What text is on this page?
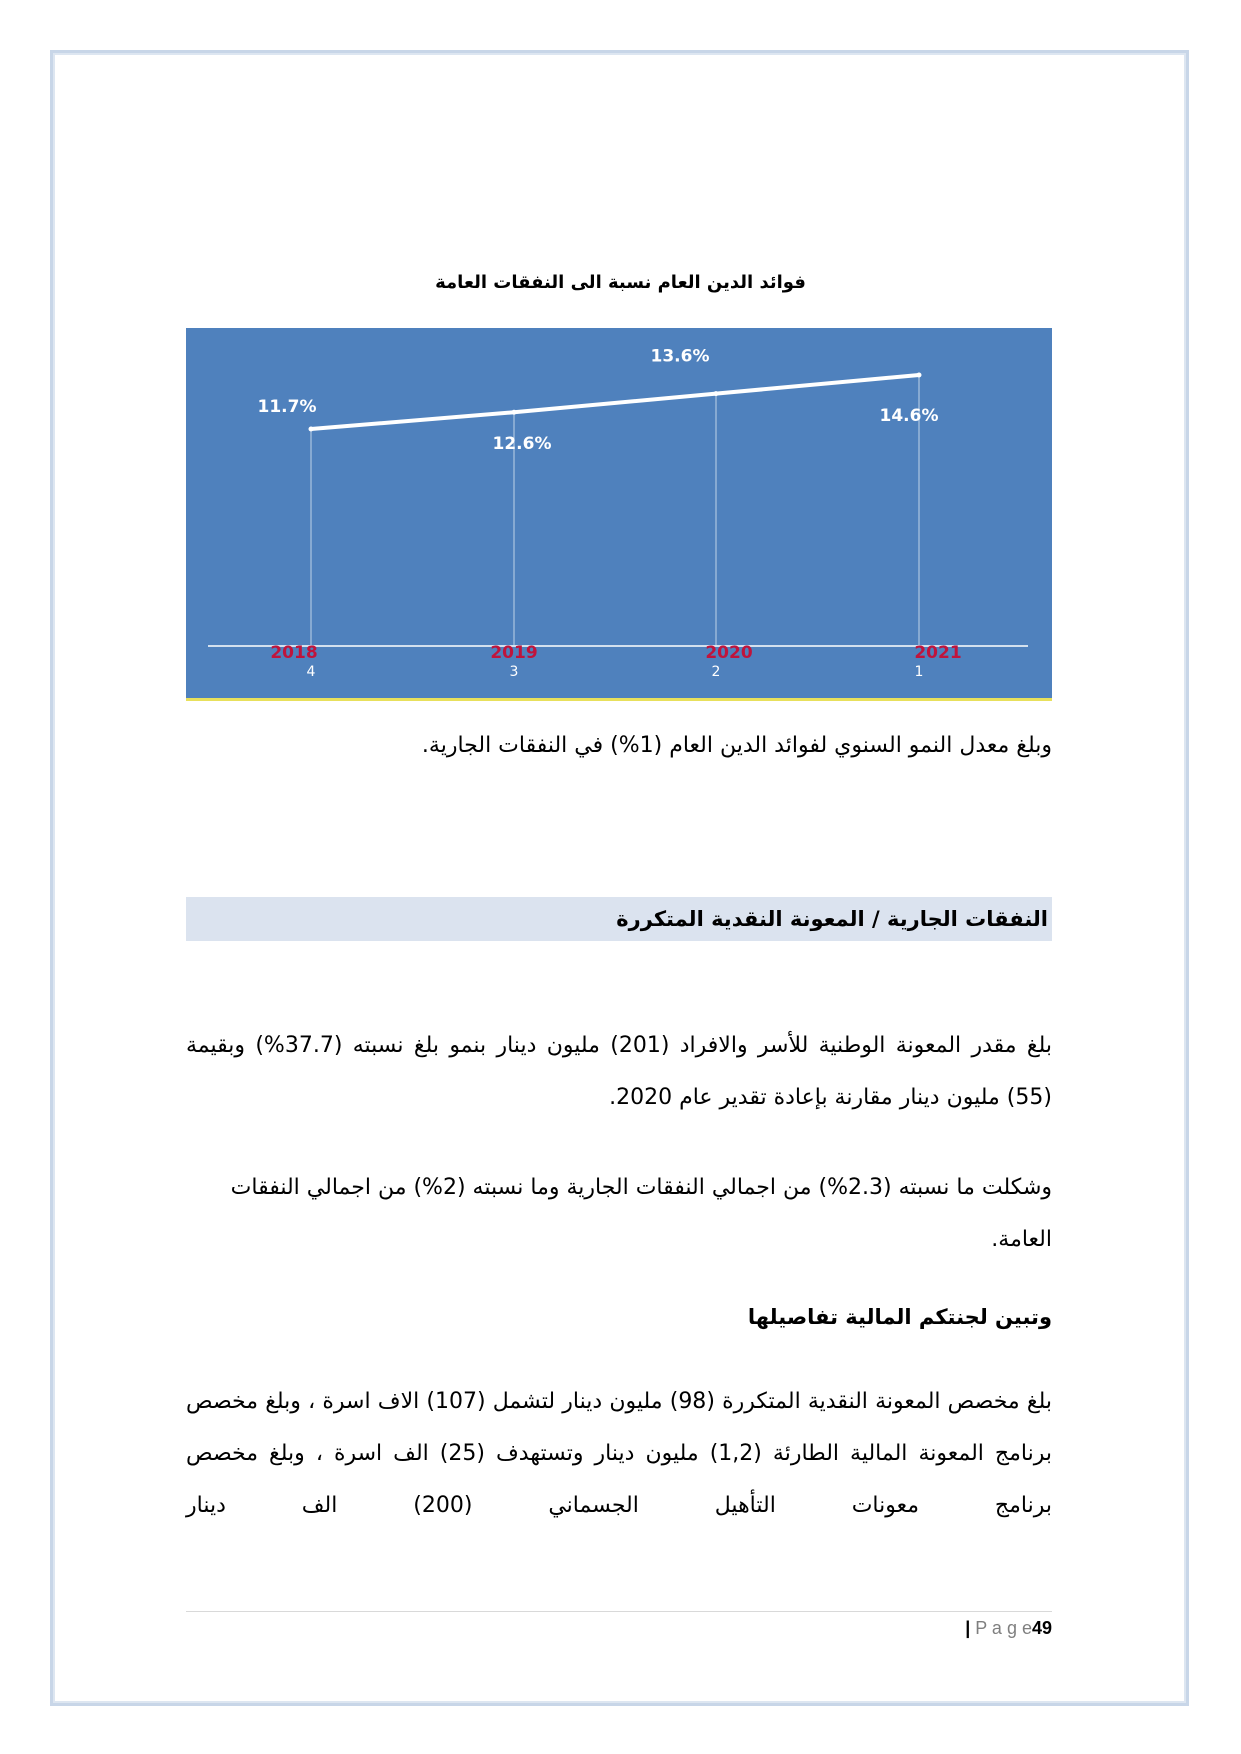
فوائد الدين العام نسبة الى النفقات العامة
11.7%
12.6%
13.6%
14.6%
2018	2019	2020	2021
4	3	2	1
وبلغ معدل النمو السنوي لفوائد الدين العام (1%) في النفقات الجارية.
النفقات الجارية / المعونة النقدية المتكررة
بلغ مقدر المعونة الوطنية للأسر والافراد (201) مليون دينار بنمو بلغ نسبته (37.7%) وبقيمة (55) مليون دينار مقارنة بإعادة تقدير عام 2020.
وشكلت ما نسبته (2.3%) من اجمالي النفقات الجارية وما نسبته (2%) من اجمالي النفقات العامة.
وتبين لجنتكم المالية تفاصيلها
بلغ مخصص المعونة النقدية المتكررة (98) مليون دينار لتشمل (107) الاف اسرة ، وبلغ مخصص برنامج المعونة المالية الطارئة (1,2) مليون دينار وتستهدف (25) الف اسرة ، وبلغ مخصص برنامج معونات التأهيل الجسماني (200) الف دينار
| P a g e49
